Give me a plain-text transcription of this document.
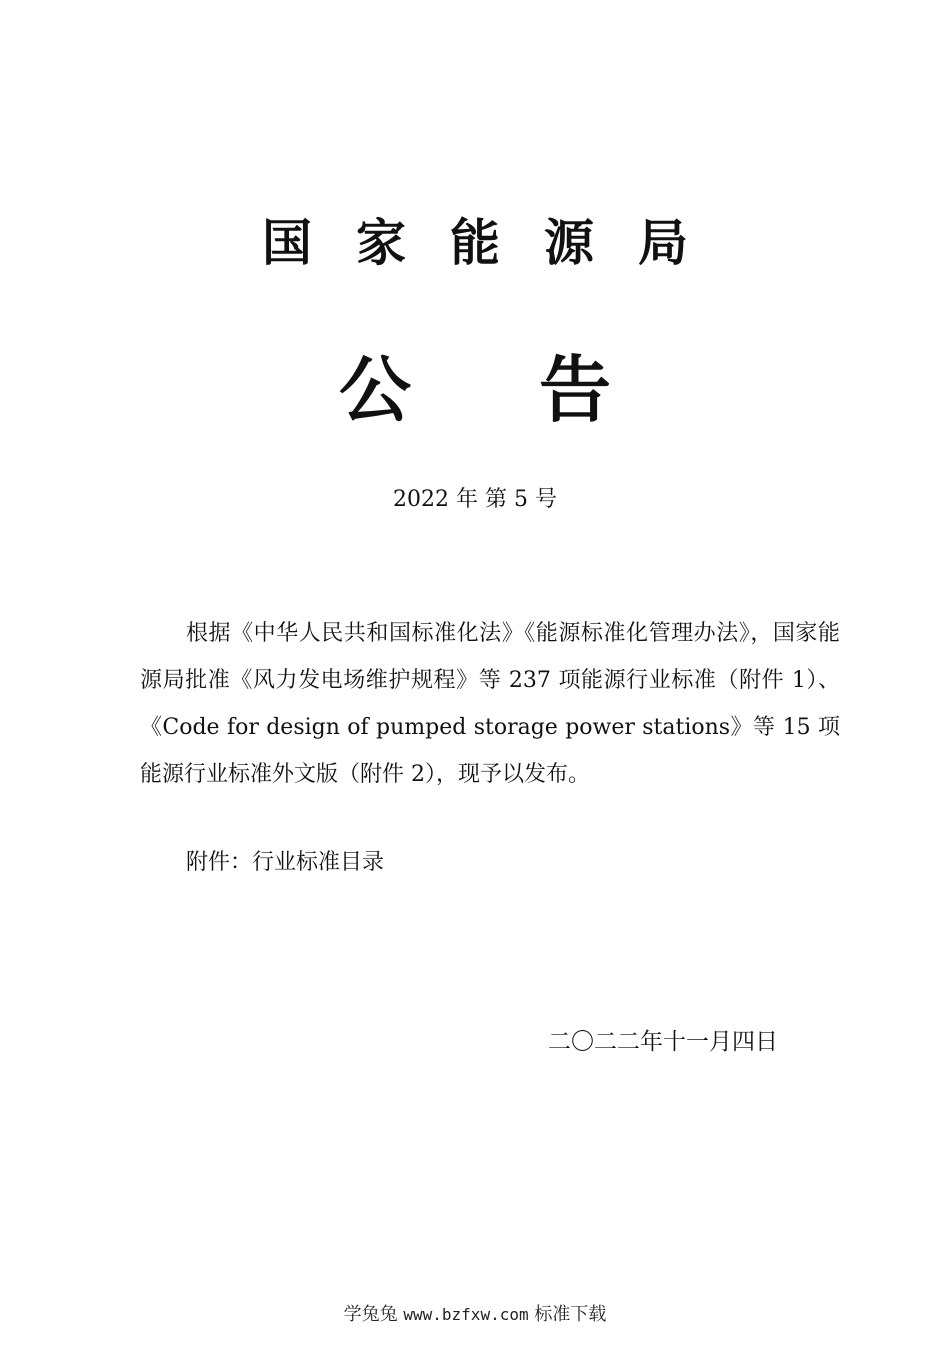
国家能源局
公告
2022 年 第 5 号

根据《中华人民共和国标准化法》《能源标准化管理办法》，国家能源局批准《风力发电场维护规程》等 237 项能源行业标准（附件 1）、《Code for design of pumped storage power stations》等 15 项能源行业标准外文版（附件 2），现予以发布。

附件：行业标准目录

二〇二二年十一月四日

学兔兔 www.bzfxw.com 标准下载
